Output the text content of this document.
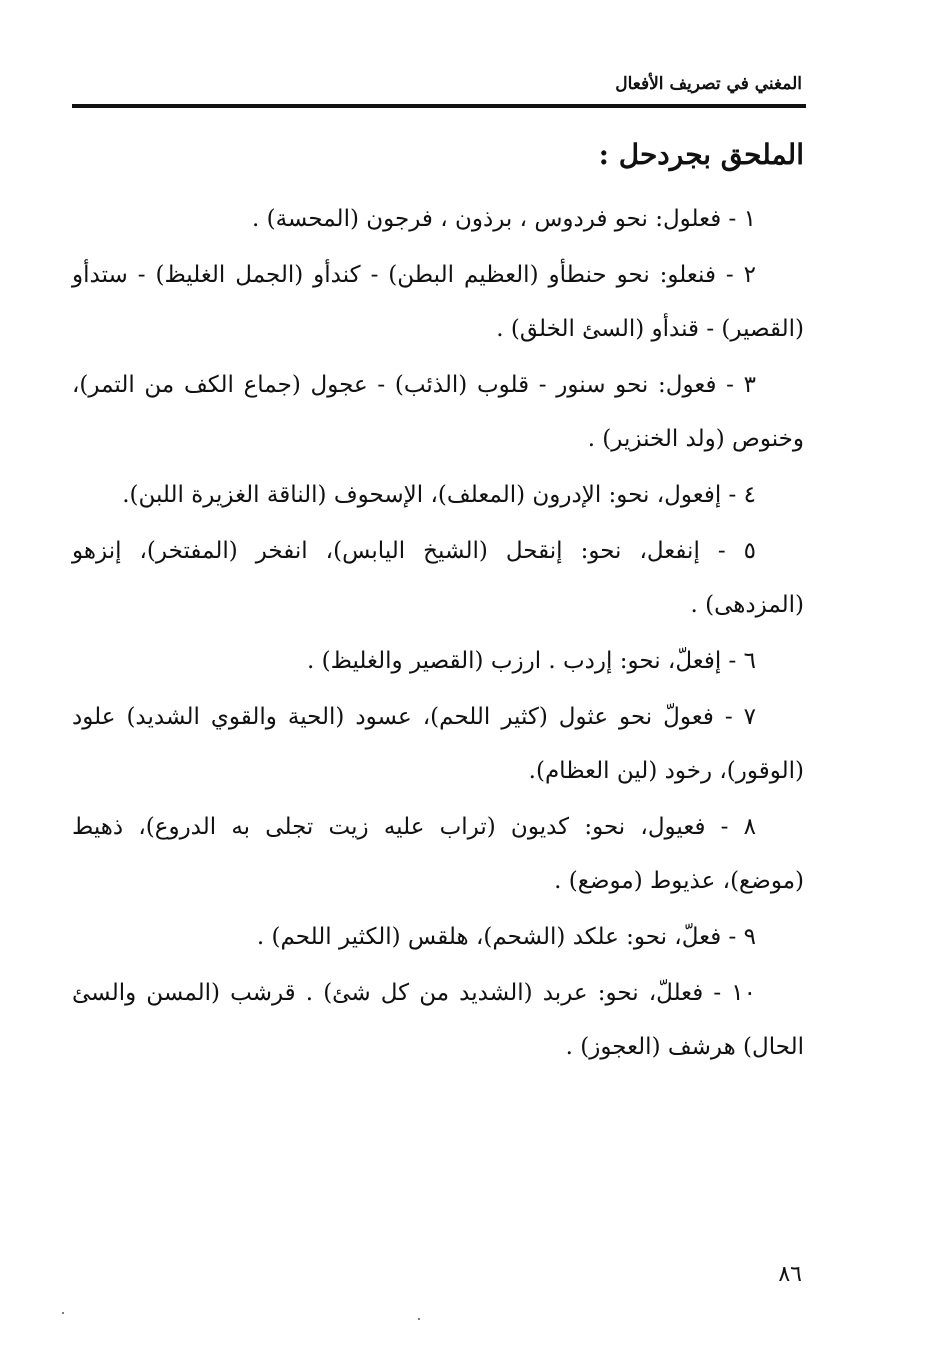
المغني في تصريف الأفعال
الملحق بجردحل :

١ - فعلول: نحو فردوس ، برذون ، فرجون (المحسة) .

٢ - فنعلو: نحو حنطأو (العظيم البطن) - كندأو (الجمل الغليظ) - ستدأو (القصير) - قندأو (السئ الخلق) .

٣ - فعول: نحو سنور - قلوب (الذئب) - عجول (جماع الكف من التمر)، وخنوص (ولد الخنزير) .

٤ - إفعول، نحو: الإدرون (المعلف)، الإسحوف (الناقة الغزيرة اللبن).

٥ - إنفعل، نحو: إنقحل (الشيخ اليابس)، انفخر (المفتخر)، إنزهو (المزدهى) .

٦ - إفعلّ، نحو: إردب . ارزب (القصير والغليظ) .

٧ - فعولّ نحو عثول (كثير اللحم)، عسود (الحية والقوي الشديد) علود (الوقور)، رخود (لين العظام).

٨ - فعيول، نحو: كديون (تراب عليه زيت تجلى به الدروع)، ذهيط (موضع)، عذيوط (موضع) .

٩ - فعلّ، نحو: علكد (الشحم)، هلقس (الكثير اللحم) .

١٠ - فعللّ، نحو: عربد (الشديد من كل شئ) . قرشب (المسن والسئ الحال) هرشف (العجوز) .

٨٦
